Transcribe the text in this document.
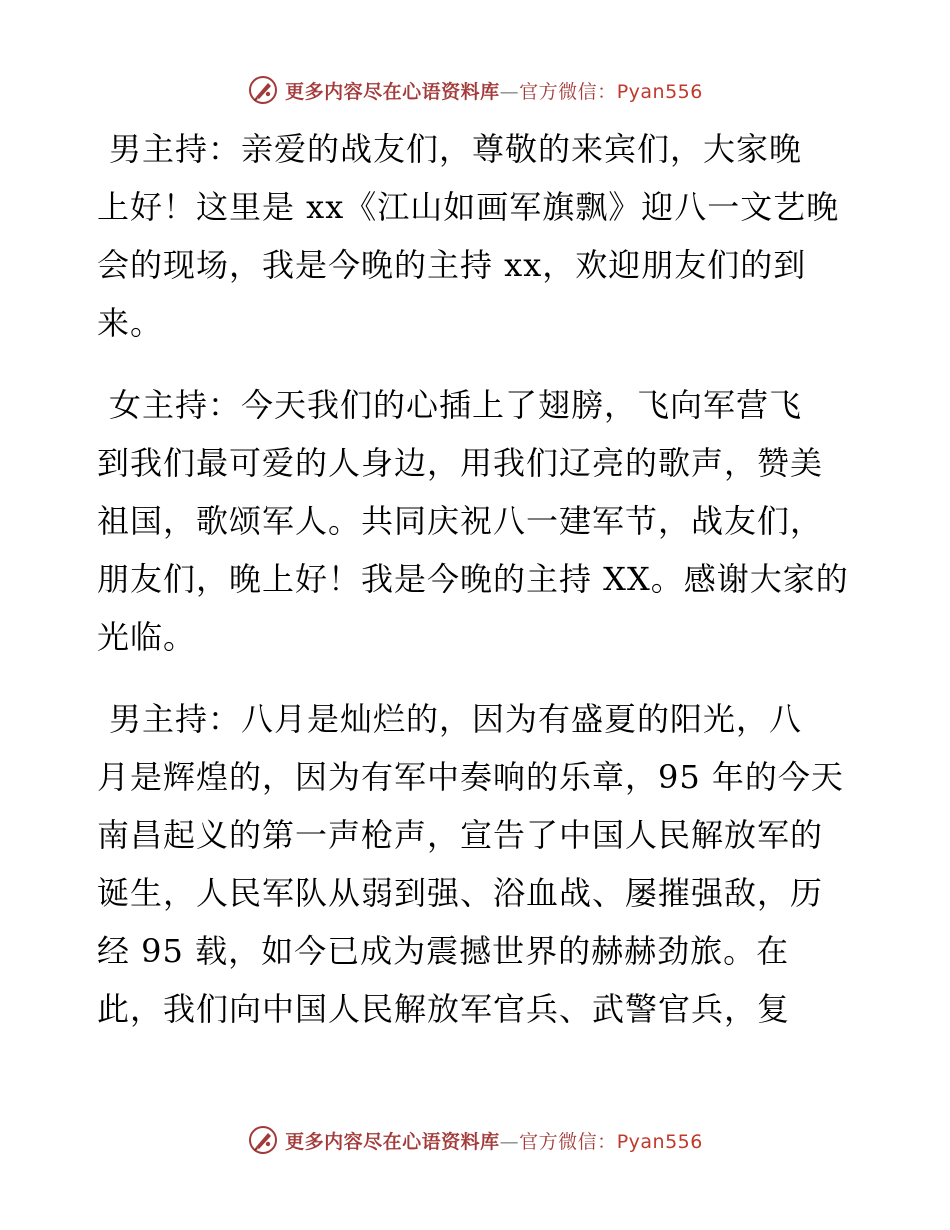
更多内容尽在心语资料库—官方微信：Pyan556

男主持：亲爱的战友们，尊敬的来宾们，大家晚
上好！这里是 xx《江山如画军旗飘》迎八一文艺晚
会的现场，我是今晚的主持 xx，欢迎朋友们的到
来。

女主持：今天我们的心插上了翅膀，飞向军营飞
到我们最可爱的人身边，用我们辽亮的歌声，赞美
祖国，歌颂军人。共同庆祝八一建军节，战友们，
朋友们，晚上好！我是今晚的主持 XX。感谢大家的
光临。

男主持：八月是灿烂的，因为有盛夏的阳光，八
月是辉煌的，因为有军中奏响的乐章，95 年的今天
南昌起义的第一声枪声，宣告了中国人民解放军的
诞生，人民军队从弱到强、浴血战、屡摧强敌，历
经 95 载，如今已成为震撼世界的赫赫劲旅。在
此，我们向中国人民解放军官兵、武警官兵，复

更多内容尽在心语资料库—官方微信：Pyan556
